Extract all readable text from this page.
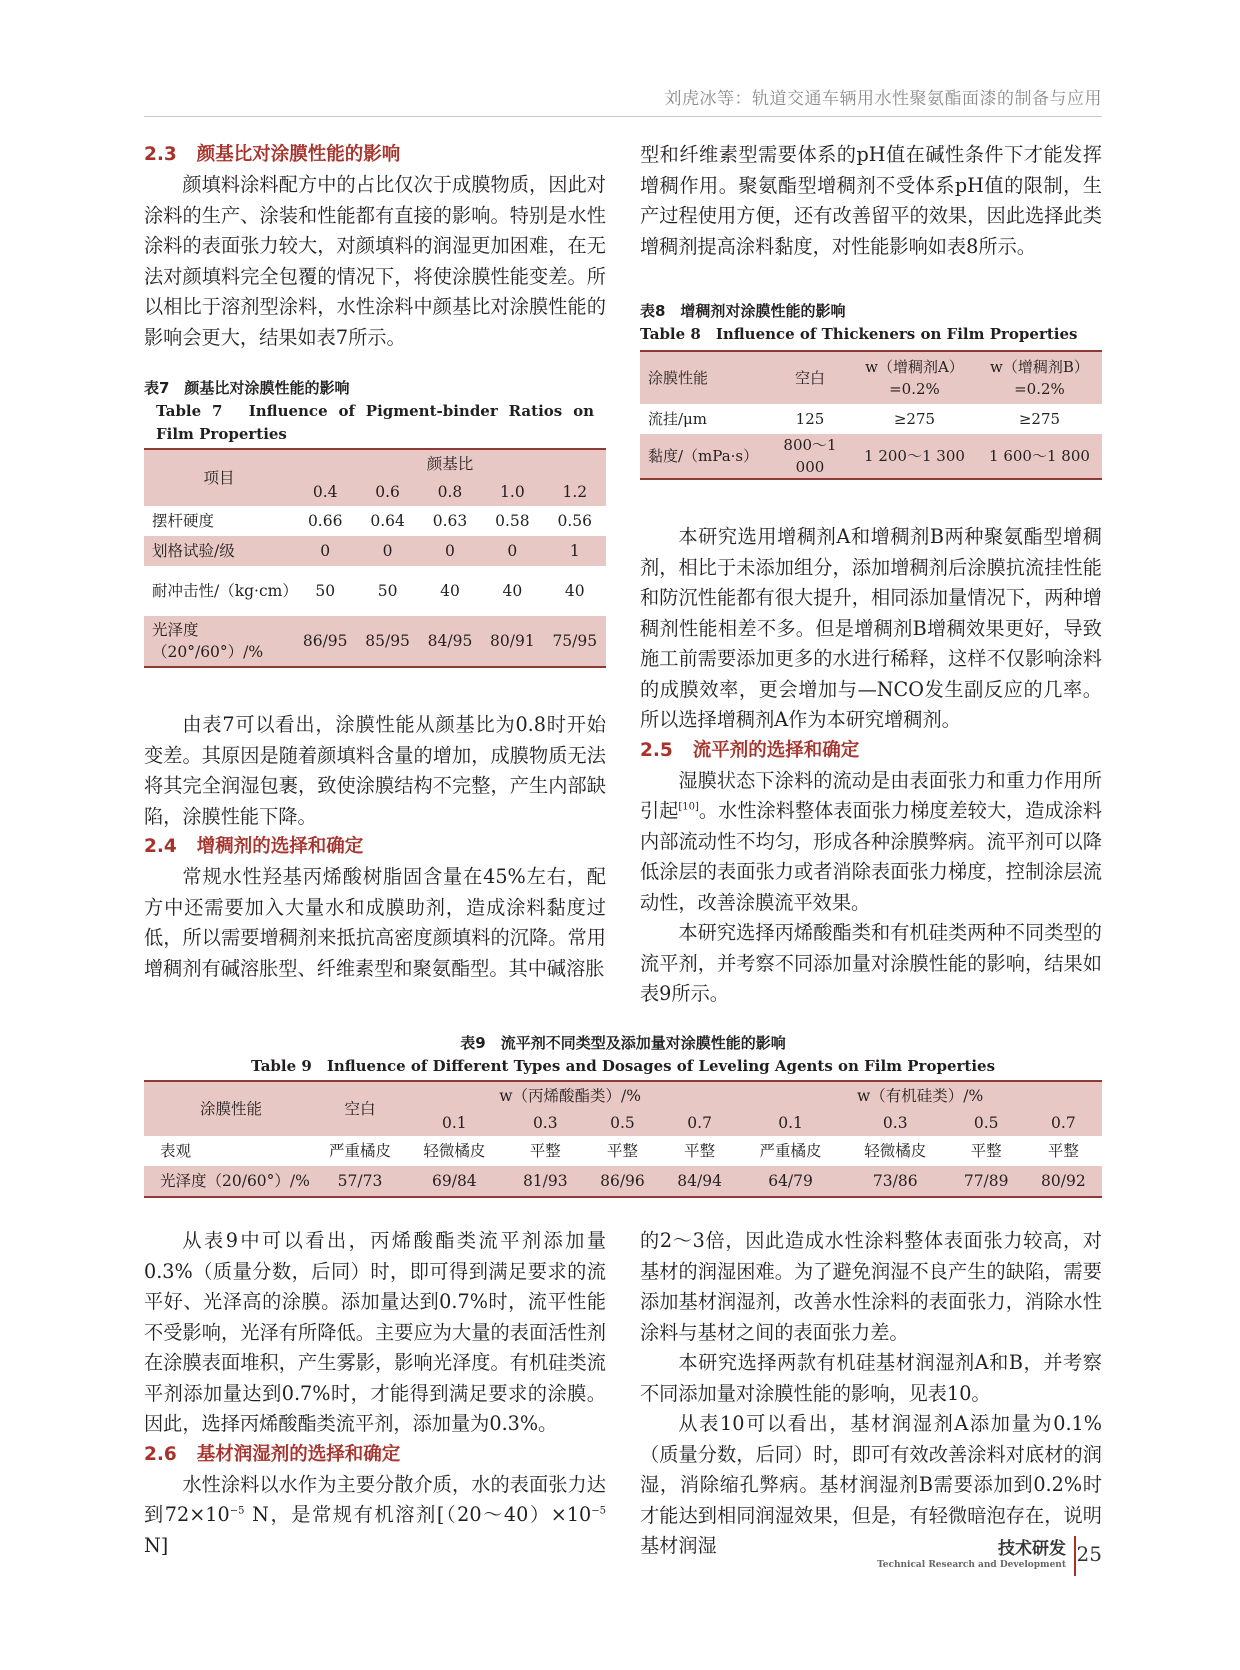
刘虎冰等：轨道交通车辆用水性聚氨酯面漆的制备与应用
2.3 颜基比对涂膜性能的影响

颜填料涂料配方中的占比仅次于成膜物质，因此对涂料的生产、涂装和性能都有直接的影响。特别是水性涂料的表面张力较大，对颜填料的润湿更加困难，在无法对颜填料完全包覆的情况下，将使涂膜性能变差。所以相比于溶剂型涂料，水性涂料中颜基比对涂膜性能的影响会更大，结果如表7所示。

表7　颜基比对涂膜性能的影响

Table 7　Influence of Pigment-binder Ratios on Film Properties

项目	颜基比				
	0.4	0.6	0.8	1.0	1.2
摆杆硬度	0.66	0.64	0.63	0.58	0.56
划格试验/级	0	0	0	0	1
耐冲击性/（kg·cm）	50	50	40	40	40
光泽度（20°/60°）/%	86/95	85/95	84/95	80/91	75/95

由表7可以看出，涂膜性能从颜基比为0.8时开始变差。其原因是随着颜填料含量的增加，成膜物质无法将其完全润湿包裹，致使涂膜结构不完整，产生内部缺陷，涂膜性能下降。

2.4 增稠剂的选择和确定

常规水性羟基丙烯酸树脂固含量在45%左右，配方中还需要加入大量水和成膜助剂，造成涂料黏度过低，所以需要增稠剂来抵抗高密度颜填料的沉降。常用增稠剂有碱溶胀型、纤维素型和聚氨酯型。其中碱溶胀

型和纤维素型需要体系的pH值在碱性条件下才能发挥增稠作用。聚氨酯型增稠剂不受体系pH值的限制，生产过程使用方便，还有改善留平的效果，因此选择此类增稠剂提高涂料黏度，对性能影响如表8所示。

表8　增稠剂对涂膜性能的影响

Table 8　Influence of Thickeners on Film Properties

涂膜性能	空白	w（增稠剂A）=0.2%	w（增稠剂B）=0.2%
流挂/μm	125	≥275	≥275
黏度/（mPa·s）	800～1 000	1 200～1 300	1 600～1 800

本研究选用增稠剂A和增稠剂B两种聚氨酯型增稠剂，相比于未添加组分，添加增稠剂后涂膜抗流挂性能和防沉性能都有很大提升，相同添加量情况下，两种增稠剂性能相差不多。但是增稠剂B增稠效果更好，导致施工前需要添加更多的水进行稀释，这样不仅影响涂料的成膜效率，更会增加与—NCO发生副反应的几率。所以选择增稠剂A作为本研究增稠剂。

2.5 流平剂的选择和确定

湿膜状态下涂料的流动是由表面张力和重力作用所引起[10]。水性涂料整体表面张力梯度差较大，造成涂料内部流动性不均匀，形成各种涂膜弊病。流平剂可以降低涂层的表面张力或者消除表面张力梯度，控制涂层流动性，改善涂膜流平效果。

本研究选择丙烯酸酯类和有机硅类两种不同类型的流平剂，并考察不同添加量对涂膜性能的影响，结果如表9所示。

表9　流平剂不同类型及添加量对涂膜性能的影响

Table 9　Influence of Different Types and Dosages of Leveling Agents on Film Properties

涂膜性能	空白	w（丙烯酸酯类）/%				w（有机硅类）/%			
		0.1	0.3	0.5	0.7	0.1	0.3	0.5	0.7
表观	严重橘皮	轻微橘皮	平整	平整	平整	严重橘皮	轻微橘皮	平整	平整
光泽度（20/60°）/%	57/73	69/84	81/93	86/96	84/94	64/79	73/86	77/89	80/92

从表9中可以看出，丙烯酸酯类流平剂添加量0.3%（质量分数，后同）时，即可得到满足要求的流平好、光泽高的涂膜。添加量达到0.7%时，流平性能不受影响，光泽有所降低。主要应为大量的表面活性剂在涂膜表面堆积，产生雾影，影响光泽度。有机硅类流平剂添加量达到0.7%时，才能得到满足要求的涂膜。因此，选择丙烯酸酯类流平剂，添加量为0.3%。

2.6 基材润湿剂的选择和确定

水性涂料以水作为主要分散介质，水的表面张力达到$72\times 10^{-5}$ N，是常规有机溶剂[$(20\sim 40)\times 10^{-5}$ N]

的2～3倍，因此造成水性涂料整体表面张力较高，对基材的润湿困难。为了避免润湿不良产生的缺陷，需要添加基材润湿剂，改善水性涂料的表面张力，消除水性涂料与基材之间的表面张力差。

本研究选择两款有机硅基材润湿剂A和B，并考察不同添加量对涂膜性能的影响，见表10。

从表10可以看出，基材润湿剂A添加量为0.1%（质量分数，后同）时，即可有效改善涂料对底材的润湿，消除缩孔弊病。基材润湿剂B需要添加到0.2%时才能达到相同润湿效果，但是，有轻微暗泡存在，说明基材润湿	技术研发
Technical Research and Development 25
